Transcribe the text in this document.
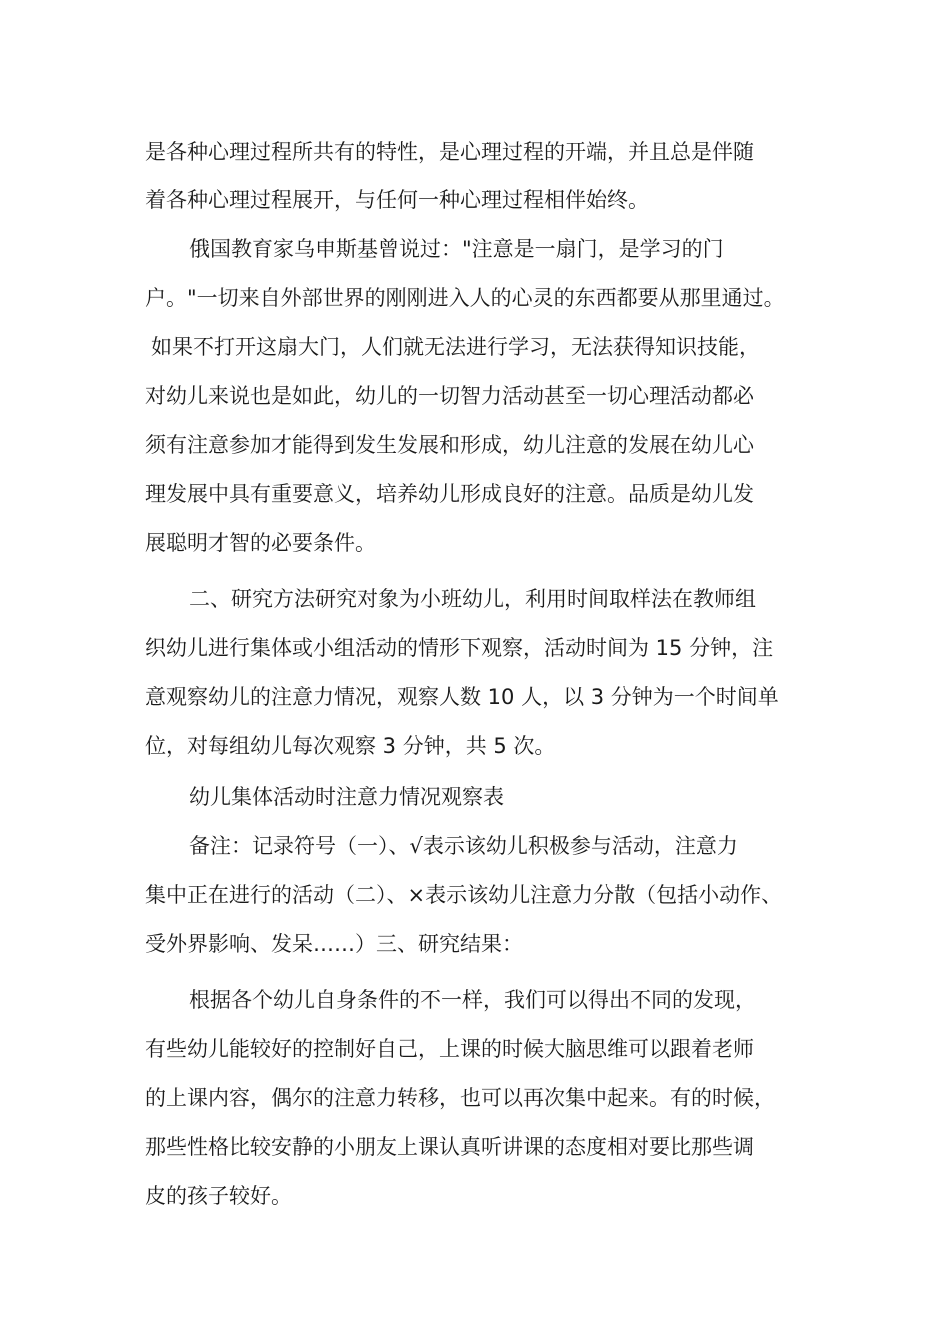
是各种心理过程所共有的特性，是心理过程的开端，并且总是伴随
着各种心理过程展开，与任何一种心理过程相伴始终。
俄国教育家乌申斯基曾说过："注意是一扇门，是学习的门
户。"一切来自外部世界的刚刚进入人的心灵的东西都要从那里通过。
如果不打开这扇大门，人们就无法进行学习，无法获得知识技能，
对幼儿来说也是如此，幼儿的一切智力活动甚至一切心理活动都必
须有注意参加才能得到发生发展和形成，幼儿注意的发展在幼儿心
理发展中具有重要意义，培养幼儿形成良好的注意。品质是幼儿发
展聪明才智的必要条件。
二、研究方法研究对象为小班幼儿，利用时间取样法在教师组
织幼儿进行集体或小组活动的情形下观察，活动时间为 15 分钟，注
意观察幼儿的注意力情况，观察人数 10 人，以 3 分钟为一个时间单
位，对每组幼儿每次观察 3 分钟，共 5 次。
幼儿集体活动时注意力情况观察表
备注：记录符号（一）、√表示该幼儿积极参与活动，注意力
集中正在进行的活动（二）、×表示该幼儿注意力分散（包括小动作、
受外界影响、发呆……）三、研究结果：
根据各个幼儿自身条件的不一样，我们可以得出不同的发现，
有些幼儿能较好的控制好自己，上课的时候大脑思维可以跟着老师
的上课内容，偶尔的注意力转移，也可以再次集中起来。有的时候，
那些性格比较安静的小朋友上课认真听讲课的态度相对要比那些调
皮的孩子较好。
